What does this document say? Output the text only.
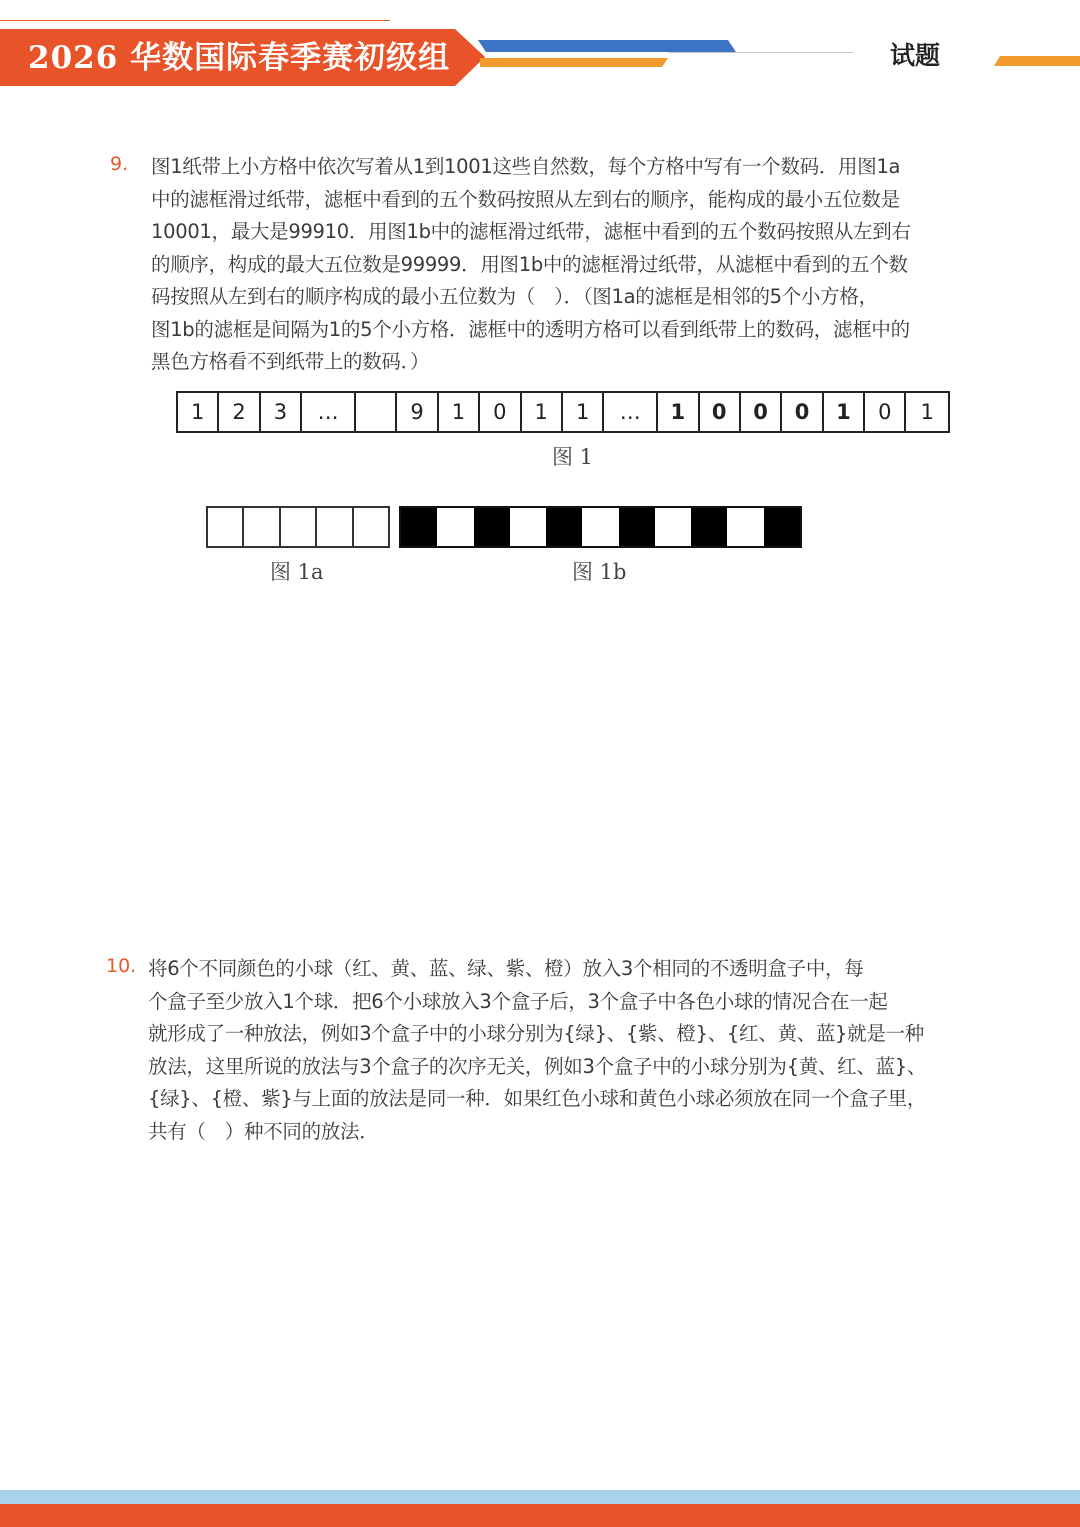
2026 华数国际春季赛初级组	试题
9. 图1纸带上小方格中依次写着从1到1001这些自然数，每个方格中写有一个数码．用图1a
中的滤框滑过纸带，滤框中看到的五个数码按照从左到右的顺序，能构成的最小五位数是
10001，最大是99910．用图1b中的滤框滑过纸带，滤框中看到的五个数码按照从左到右
的顺序，构成的最大五位数是99999．用图1b中的滤框滑过纸带，从滤框中看到的五个数
码按照从左到右的顺序构成的最小五位数为（　）．（图1a的滤框是相邻的5个小方格，
图1b的滤框是间隔为1的5个小方格．滤框中的透明方格可以看到纸带上的数码，滤框中的
黑色方格看不到纸带上的数码．）
1	2	3	…	9	1	0	1	1	…	1	0	0	0	1	0	1
图 1
图 1a	图 1b
10. 将6个不同颜色的小球（红、黄、蓝、绿、紫、橙）放入3个相同的不透明盒子中，每
个盒子至少放入1个球．把6个小球放入3个盒子后，3个盒子中各色小球的情况合在一起
就形成了一种放法，例如3个盒子中的小球分别为{绿}、{紫、橙}、{红、黄、蓝}就是一种
放法，这里所说的放法与3个盒子的次序无关，例如3个盒子中的小球分别为{黄、红、蓝}、
{绿}、{橙、紫}与上面的放法是同一种．如果红色小球和黄色小球必须放在同一个盒子里，
共有（　）种不同的放法．
